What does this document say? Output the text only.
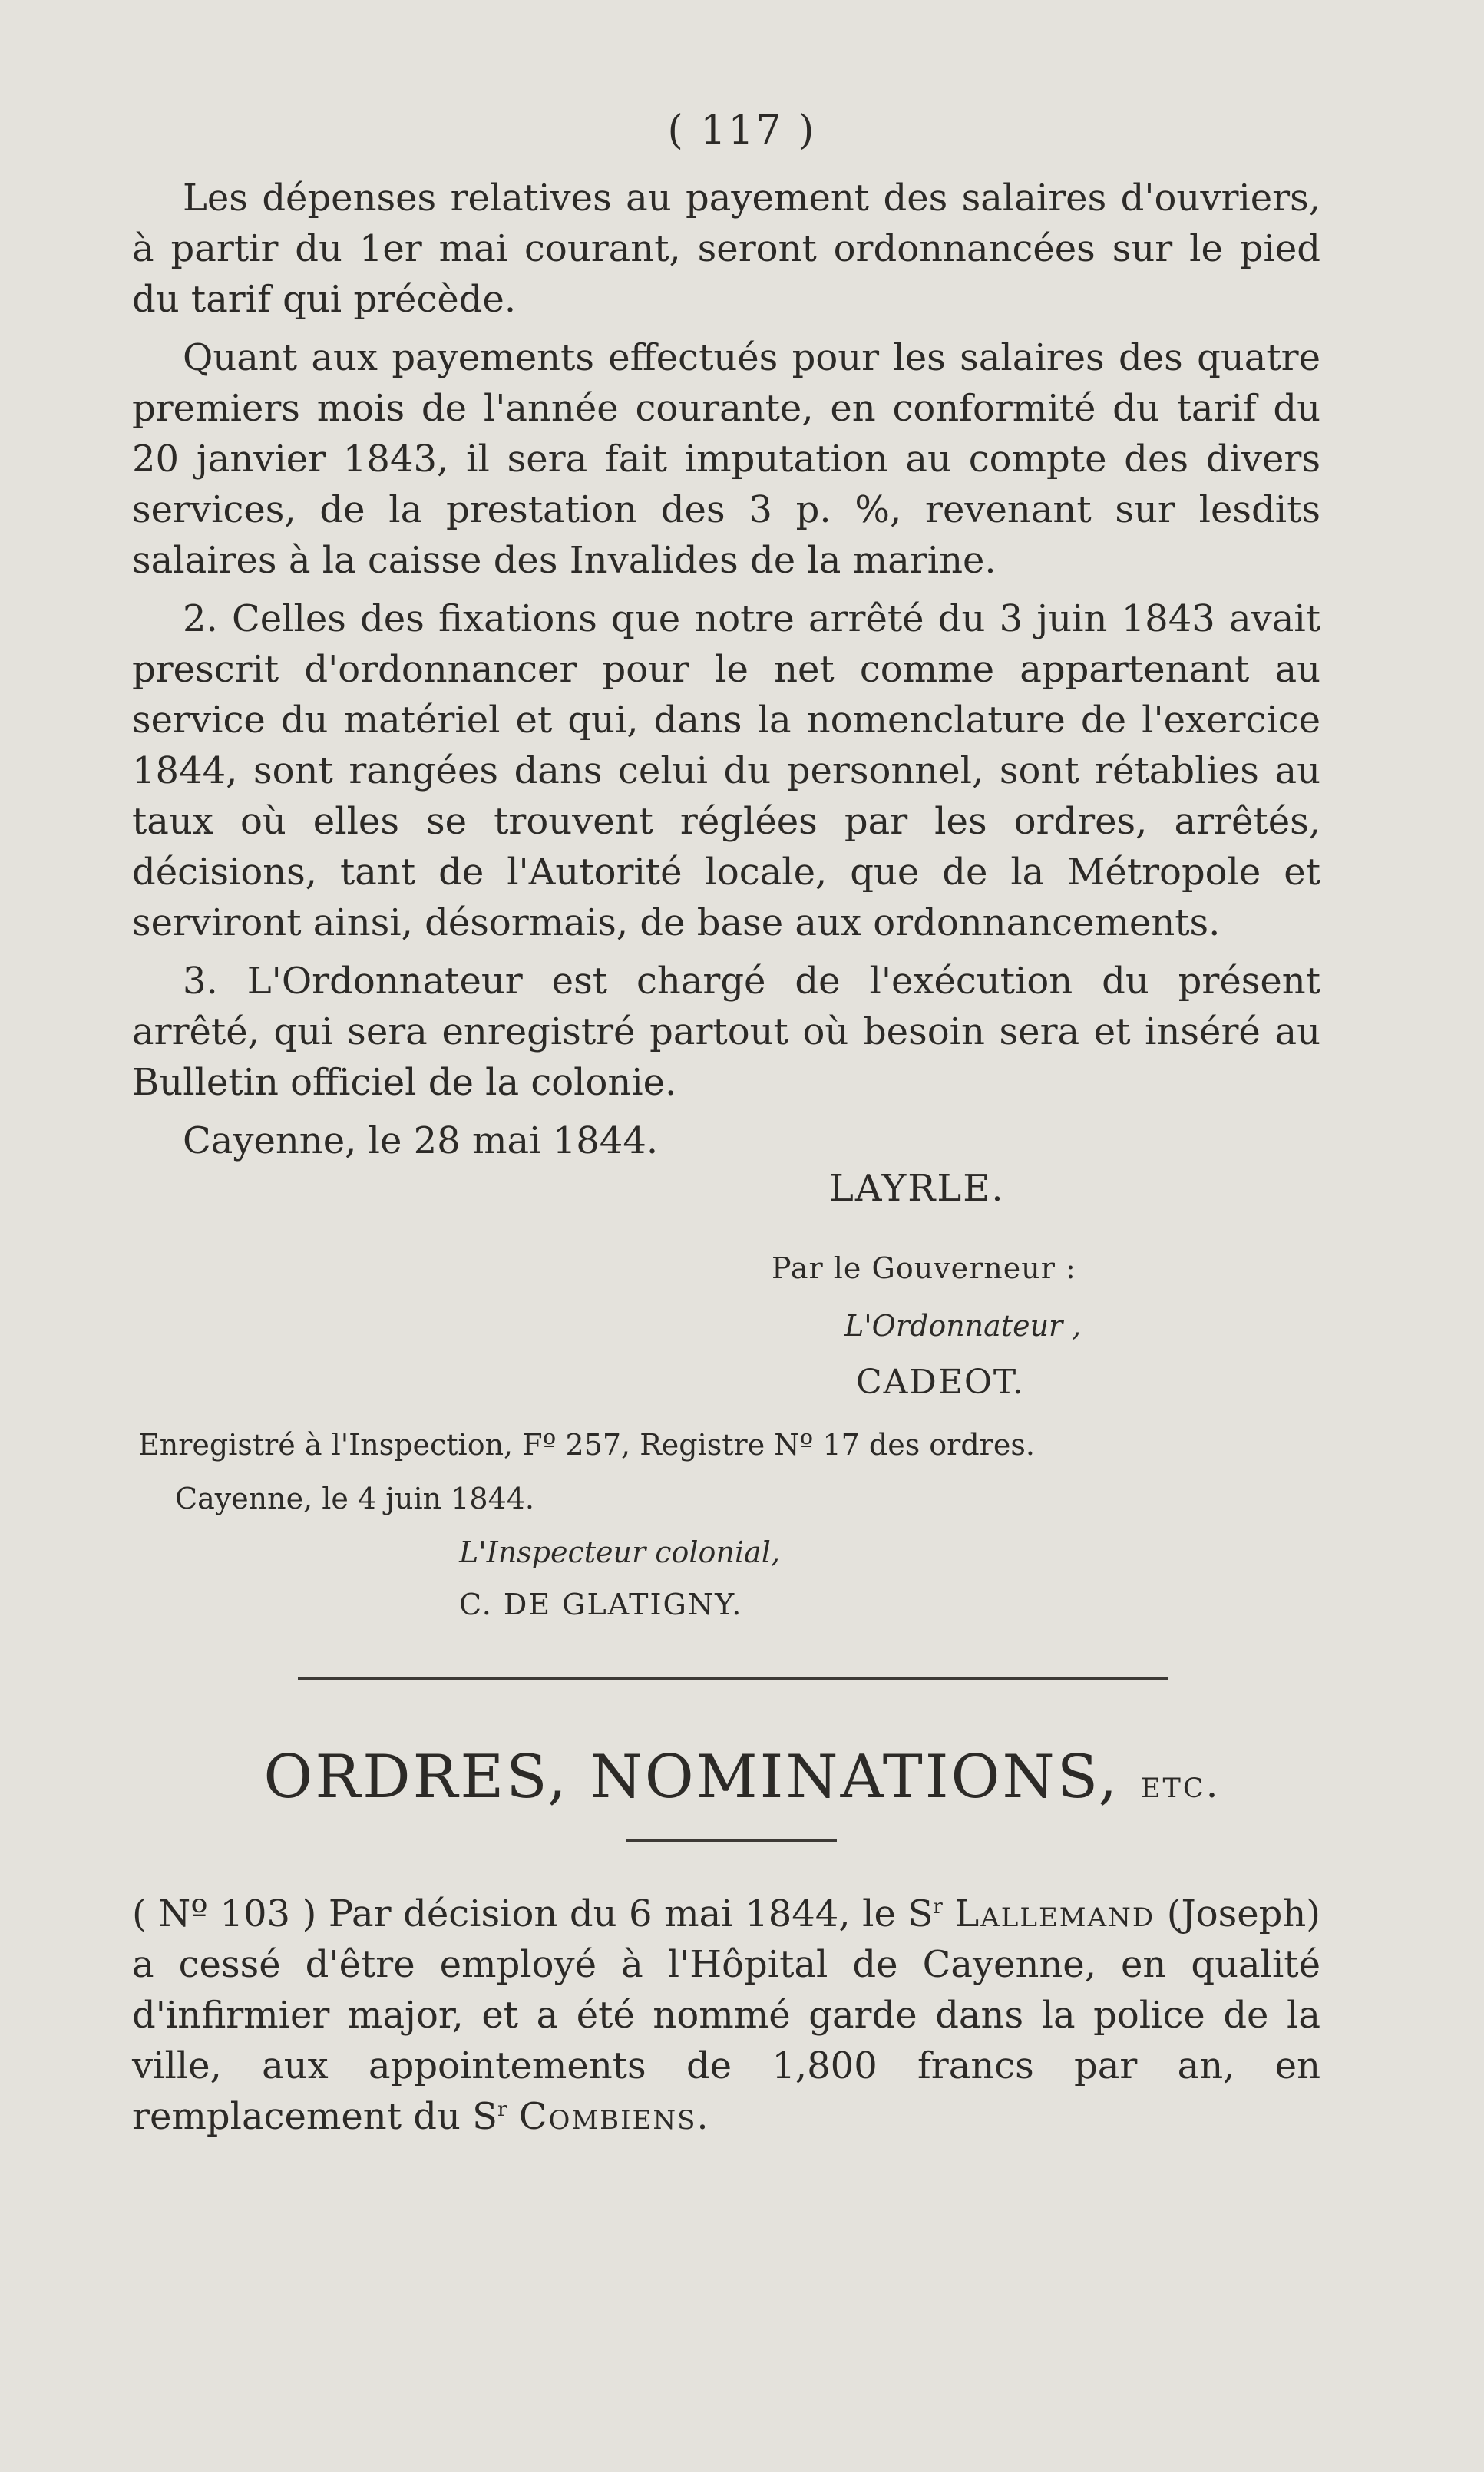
( 117 )

Les dépenses relatives au payement des salaires d'ouvriers, à partir du 1er mai courant, seront ordonnancées sur le pied du tarif qui précède.

Quant aux payements effectués pour les salaires des quatre premiers mois de l'année courante, en conformité du tarif du 20 janvier 1843, il sera fait imputation au compte des divers services, de la prestation des 3 p. %, revenant sur lesdits salaires à la caisse des Invalides de la marine.

2. Celles des fixations que notre arrêté du 3 juin 1843 avait prescrit d'ordonnancer pour le net comme appartenant au service du matériel et qui, dans la nomenclature de l'exercice 1844, sont rangées dans celui du personnel, sont rétablies au taux où elles se trouvent réglées par les ordres, arrêtés, décisions, tant de l'Autorité locale, que de la Métropole et serviront ainsi, désormais, de base aux ordonnancements.

3. L'Ordonnateur est chargé de l'exécution du présent arrêté, qui sera enregistré partout où besoin sera et inséré au Bulletin officiel de la colonie.

Cayenne, le 28 mai 1844.

LAYRLE.
Par le Gouverneur :
L'Ordonnateur ,
CADEOT.
Enregistré à l'Inspection, Fº 257, Registre Nº 17 des ordres.
Cayenne, le 4 juin 1844.
L'Inspecteur colonial,
C. DE GLATIGNY.
ORDRES, NOMINATIONS, etc.

( Nº 103 ) Par décision du 6 mai 1844, le $S^r$ Lallemand (Joseph) a cessé d'être employé à l'Hôpital de Cayenne, en qualité d'infirmier major, et a été nommé garde dans la police de la ville, aux appointements de 1,800 francs par an, en remplacement du $S^r$ Combiens.
